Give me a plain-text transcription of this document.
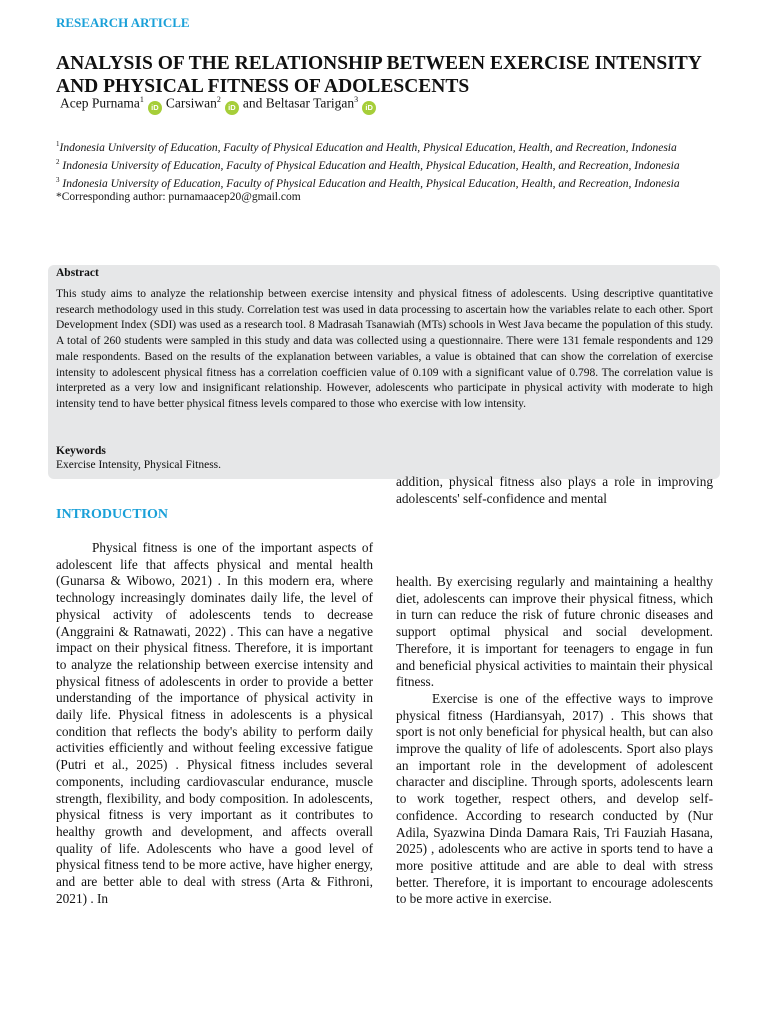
RESEARCH ARTICLE
ANALYSIS OF THE RELATIONSHIP BETWEEN EXERCISE INTENSITY AND PHYSICAL FITNESS OF ADOLESCENTS
Acep Purnama$^1$iD Carsiwan$^2$iD and Beltasar Tarigan$^3$iD
$^1$Indonesia University of Education, Faculty of Physical Education and Health, Physical Education, Health, and Recreation, Indonesia
$^2$ Indonesia University of Education, Faculty of Physical Education and Health, Physical Education, Health, and Recreation, Indonesia
$^3$ Indonesia University of Education, Faculty of Physical Education and Health, Physical Education, Health, and Recreation, Indonesia
*Corresponding author: purnamaacep20@gmail.com
Abstract

This study aims to analyze the relationship between exercise intensity and physical fitness of adolescents. Using descriptive quantitative research methodology used in this study. Correlation test was used in data processing to ascertain how the variables relate to each other. Sport Development Index (SDI) was used as a research tool. 8 Madrasah Tsanawiah (MTs) schools in West Java became the population of this study. A total of 260 students were sampled in this study and data was collected using a questionnaire. There were 131 female respondents and 129 male respondents. Based on the results of the explanation between variables, a value is obtained that can show the correlation of exercise intensity to adolescent physical fitness has a correlation coefficien value of 0.109 with a significant value of 0.798. The correlation value is interpreted as a very low and insignificant relationship. However, adolescents who participate in physical activity with moderate to high intensity tend to have better physical fitness levels compared to those who exercise with low intensity.

Keywords
Exercise Intensity, Physical Fitness.
INTRODUCTION

Physical fitness is one of the important aspects of adolescent life that affects physical and mental health (Gunarsa & Wibowo, 2021) . In this modern era, where technology increasingly dominates daily life, the level of physical activity of adolescents tends to decrease (Anggraini & Ratnawati, 2022) . This can have a negative impact on their physical fitness. Therefore, it is important to analyze the relationship between exercise intensity and physical fitness of adolescents in order to provide a better understanding of the importance of physical activity in daily life. Physical fitness in adolescents is a physical condition that reflects the body's ability to perform daily activities efficiently and without feeling excessive fatigue (Putri et al., 2025) . Physical fitness includes several components, including cardiovascular endurance, muscle strength, flexibility, and body composition. In adolescents, physical fitness is very important as it contributes to healthy growth and development, and affects overall quality of life. Adolescents who have a good level of physical fitness tend to be more active, have higher energy, and are better able to deal with stress (Arta & Fithroni, 2021) . In

addition, physical fitness also plays a role in improving adolescents' self-confidence and mental

health. By exercising regularly and maintaining a healthy diet, adolescents can improve their physical fitness, which in turn can reduce the risk of future chronic diseases and support optimal physical and social development. Therefore, it is important for teenagers to engage in fun and beneficial physical activities to maintain their physical fitness.

Exercise is one of the effective ways to improve physical fitness (Hardiansyah, 2017) . This shows that sport is not only beneficial for physical health, but can also improve the quality of life of adolescents. Sport also plays an important role in the development of adolescent character and discipline. Through sports, adolescents learn to work together, respect others, and develop self-confidence. According to research conducted by (Nur Adila, Syazwina Dinda Damara Rais, Tri Fauziah Hasana, 2025) , adolescents who are active in sports tend to have a more positive attitude and are able to deal with stress better. Therefore, it is important to encourage adolescents to be more active in exercise.
